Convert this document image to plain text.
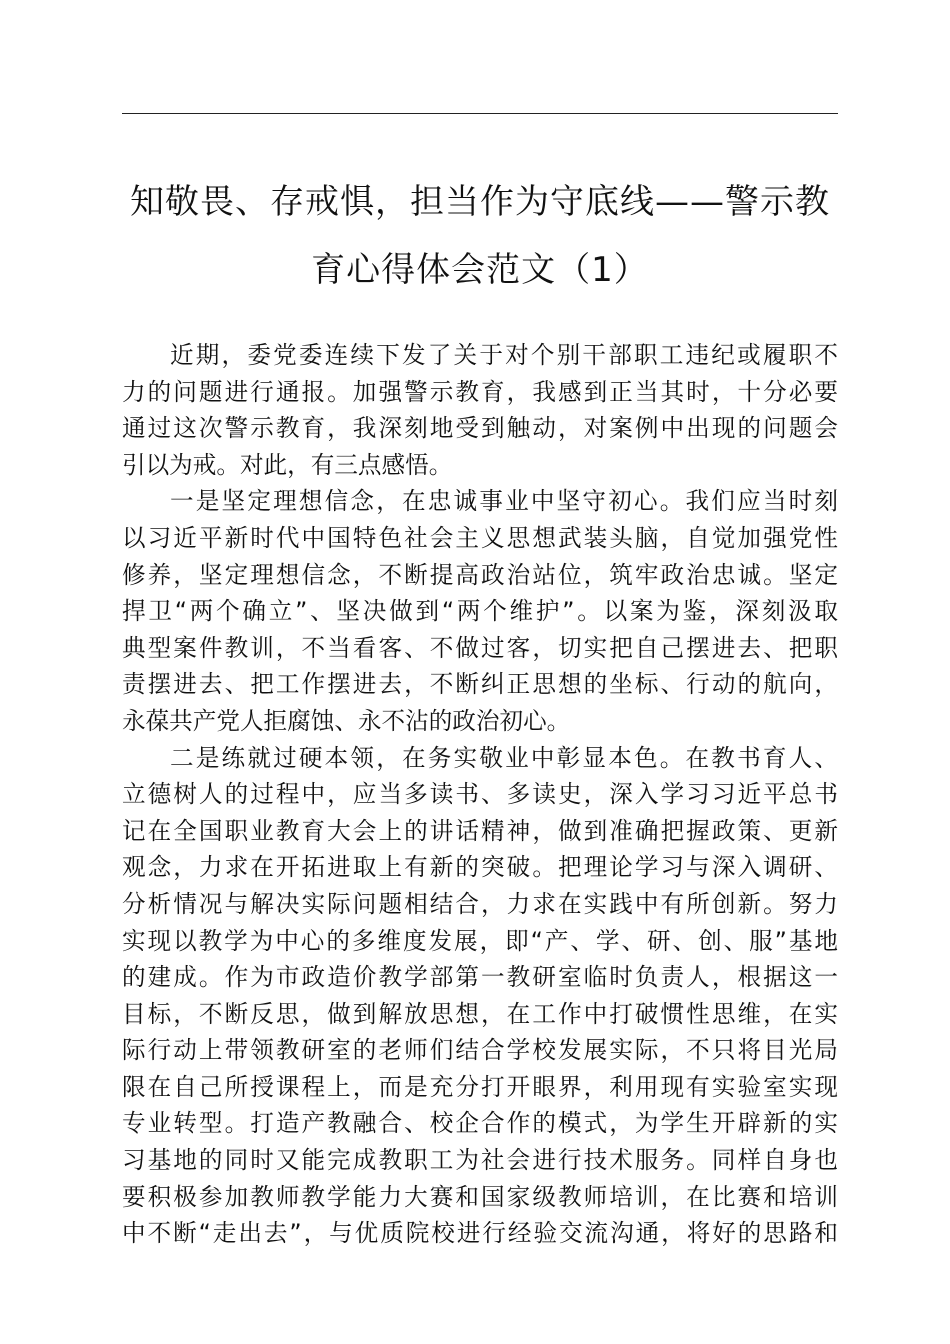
知敬畏、存戒惧，担当作为守底线——警示教
育心得体会范文（1）

近期，委党委连续下发了关于对个别干部职工违纪或履职不
力的问题进行通报。加强警示教育，我感到正当其时，十分必要
通过这次警示教育，我深刻地受到触动，对案例中出现的问题会
引以为戒。对此，有三点感悟。

一是坚定理想信念，在忠诚事业中坚守初心。我们应当时刻
以习近平新时代中国特色社会主义思想武装头脑，自觉加强党性
修养，坚定理想信念，不断提高政治站位，筑牢政治忠诚。坚定
捍卫“两个确立”、坚决做到“两个维护”。以案为鉴，深刻汲取
典型案件教训，不当看客、不做过客，切实把自己摆进去、把职
责摆进去、把工作摆进去，不断纠正思想的坐标、行动的航向，
永葆共产党人拒腐蚀、永不沾的政治初心。

二是练就过硬本领，在务实敬业中彰显本色。在教书育人、
立德树人的过程中，应当多读书、多读史，深入学习习近平总书
记在全国职业教育大会上的讲话精神，做到准确把握政策、更新
观念，力求在开拓进取上有新的突破。把理论学习与深入调研、
分析情况与解决实际问题相结合，力求在实践中有所创新。努力
实现以教学为中心的多维度发展，即“产、学、研、创、服”基地
的建成。作为市政造价教学部第一教研室临时负责人，根据这一
目标，不断反思，做到解放思想，在工作中打破惯性思维，在实
际行动上带领教研室的老师们结合学校发展实际，不只将目光局
限在自己所授课程上，而是充分打开眼界，利用现有实验室实现
专业转型。打造产教融合、校企合作的模式，为学生开辟新的实
习基地的同时又能完成教职工为社会进行技术服务。同样自身也
要积极参加教师教学能力大赛和国家级教师培训，在比赛和培训
中不断“走出去”，与优质院校进行经验交流沟通，将好的思路和
